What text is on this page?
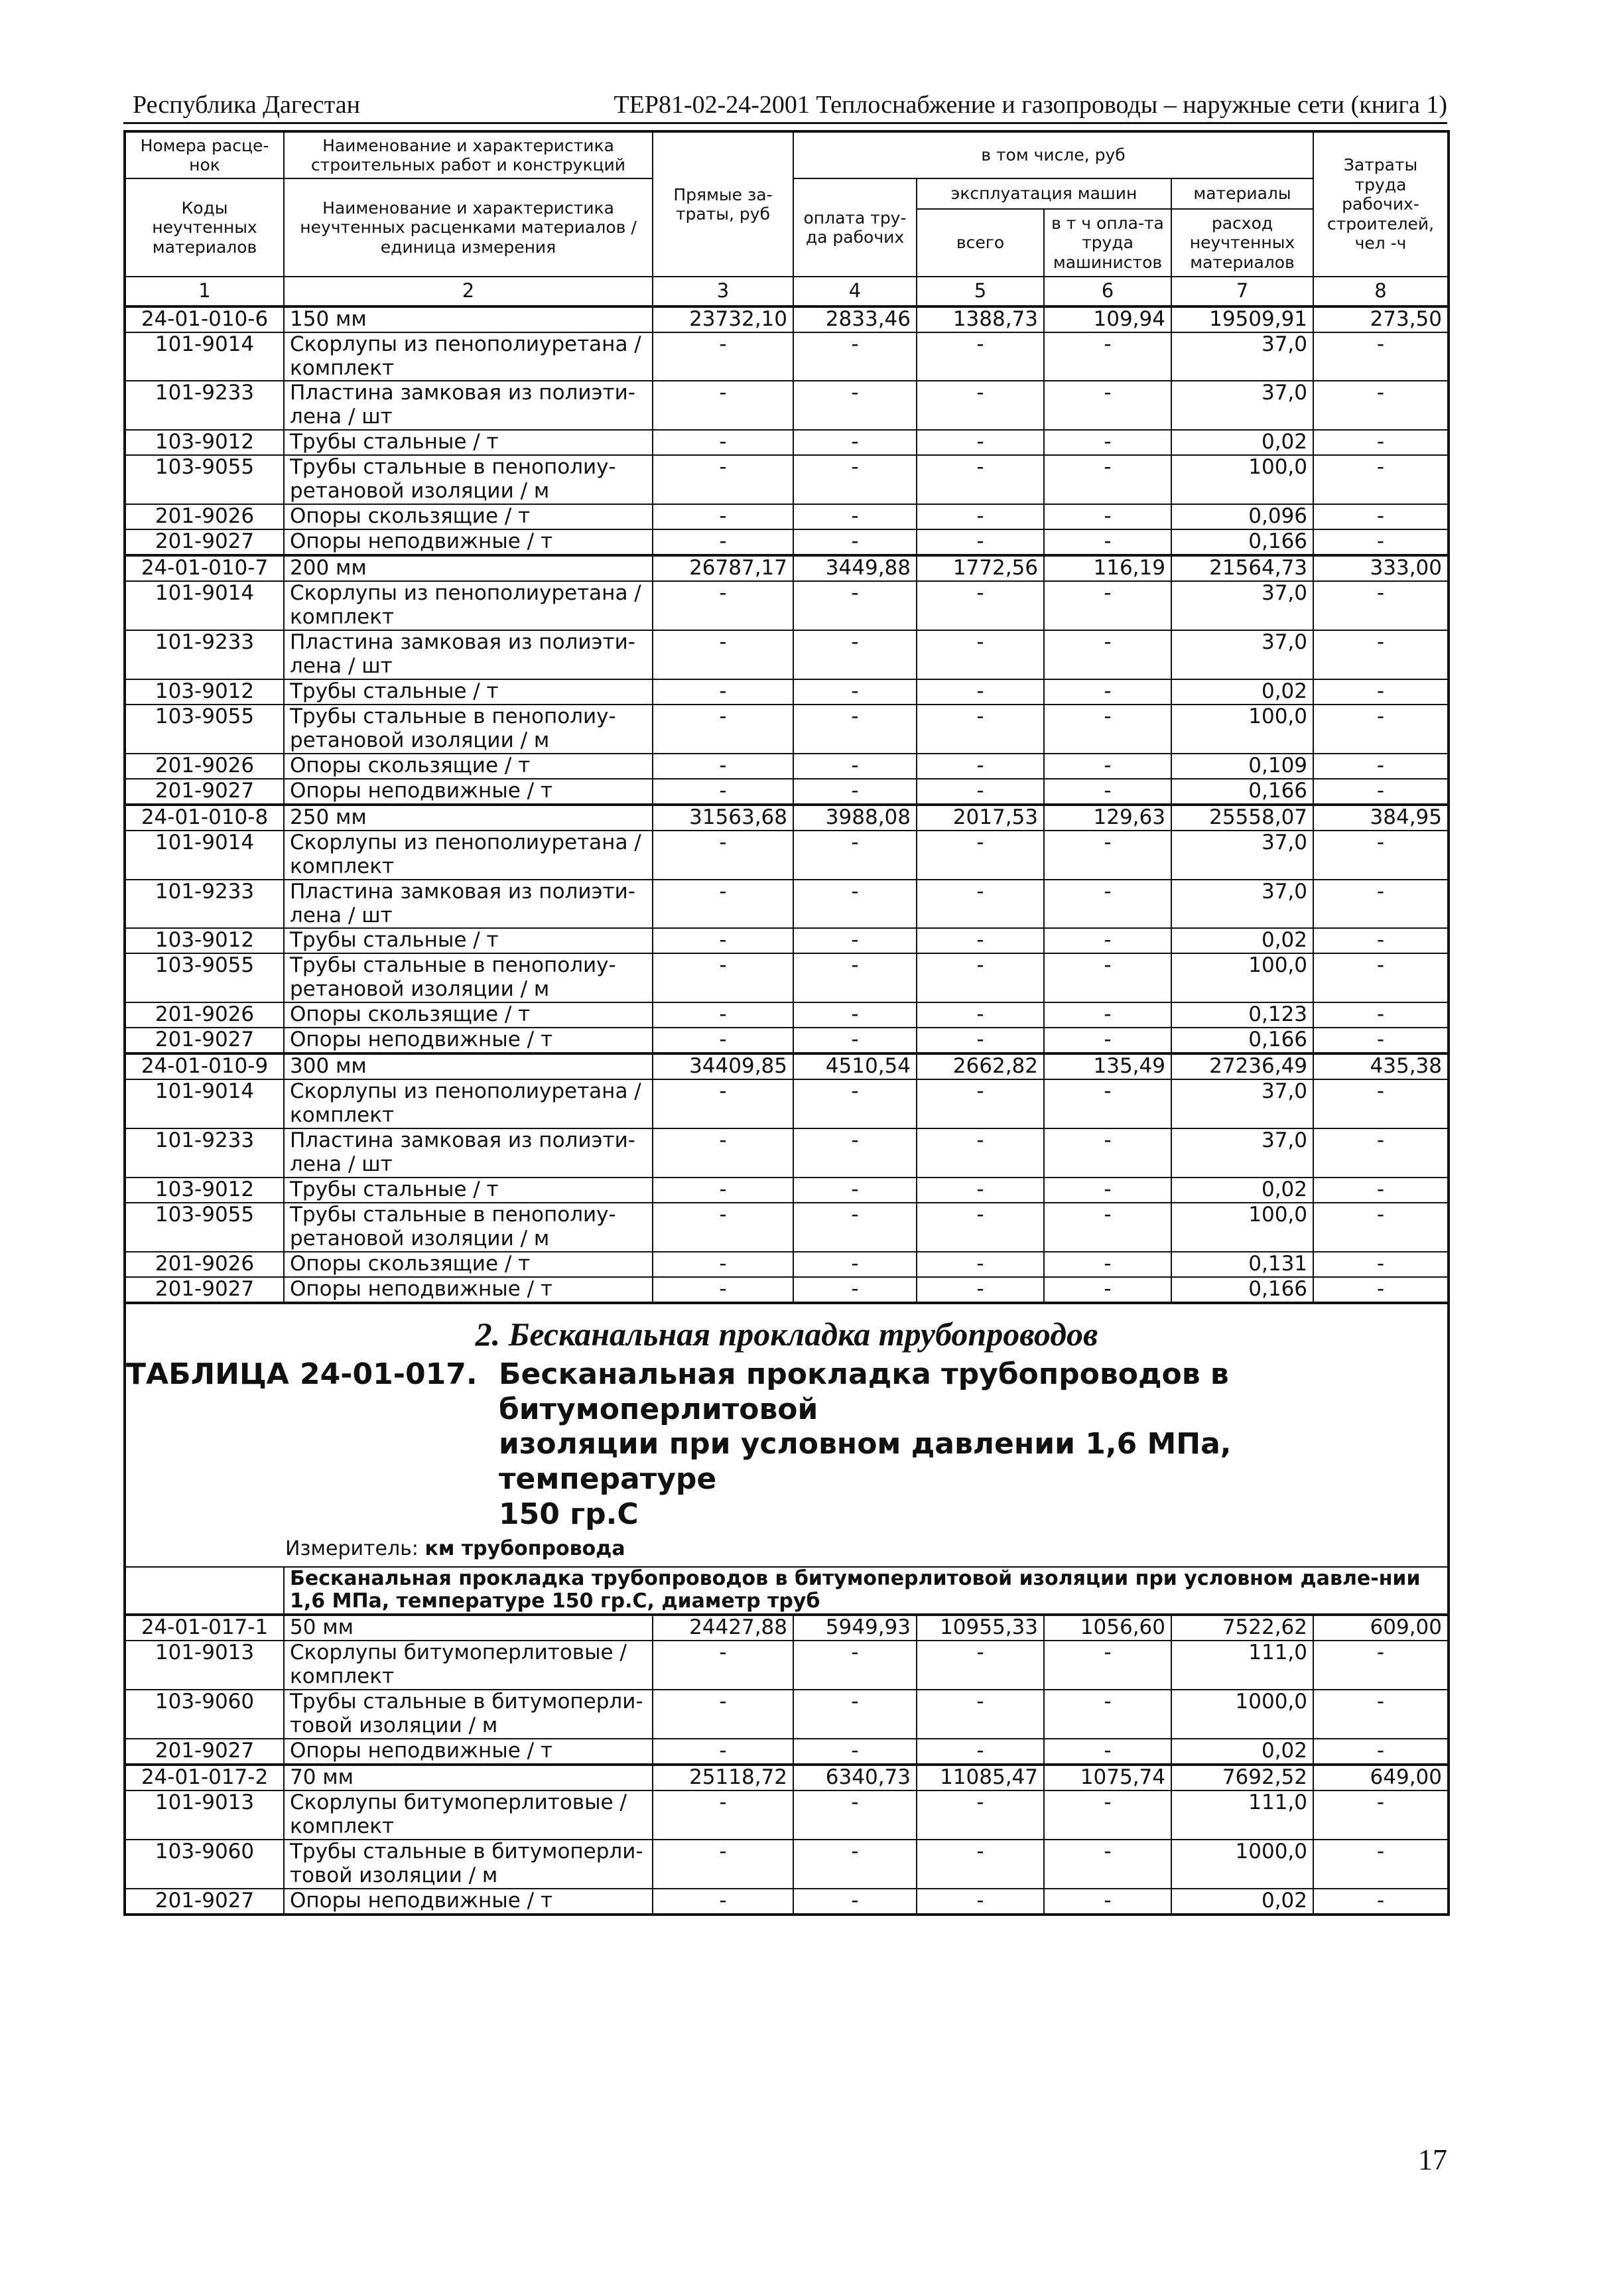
Республика Дагестан	ТЕР81-02-24-2001 Теплоснабжение и газопроводы – наружные сети (книга 1)
Номера расце-нок	Наименование и характеристика строительных работ и конструкций	Прямые за-траты, руб	в том числе, руб				Затраты труда рабочих-строителей, чел -ч
Коды неучтенных материалов	Наименование и характеристика неучтенных расценками материалов / единица измерения		оплата тру-да рабочих	эксплуатация машин		материалы	
				всего	в т ч опла-та труда машинистов	расход неучтенных материалов	
1	2	3	4	5	6	7	8
24-01-010-6	150 мм	23732,10	2833,46	1388,73	109,94	19509,91	273,50
101-9014	Скорлупы из пенополиуретана / комплект	-	-	-	-	37,0	-
101-9233	Пластина замковая из полиэти-лена / шт	-	-	-	-	37,0	-
103-9012	Трубы стальные / т	-	-	-	-	0,02	-
103-9055	Трубы стальные в пенополиу-ретановой изоляции / м	-	-	-	-	100,0	-
201-9026	Опоры скользящие / т	-	-	-	-	0,096	-
201-9027	Опоры неподвижные / т	-	-	-	-	0,166	-
24-01-010-7	200 мм	26787,17	3449,88	1772,56	116,19	21564,73	333,00
101-9014	Скорлупы из пенополиуретана / комплект	-	-	-	-	37,0	-
101-9233	Пластина замковая из полиэти-лена / шт	-	-	-	-	37,0	-
103-9012	Трубы стальные / т	-	-	-	-	0,02	-
103-9055	Трубы стальные в пенополиу-ретановой изоляции / м	-	-	-	-	100,0	-
201-9026	Опоры скользящие / т	-	-	-	-	0,109	-
201-9027	Опоры неподвижные / т	-	-	-	-	0,166	-
24-01-010-8	250 мм	31563,68	3988,08	2017,53	129,63	25558,07	384,95
101-9014	Скорлупы из пенополиуретана / комплект	-	-	-	-	37,0	-
101-9233	Пластина замковая из полиэти-лена / шт	-	-	-	-	37,0	-
103-9012	Трубы стальные / т	-	-	-	-	0,02	-
103-9055	Трубы стальные в пенополиу-ретановой изоляции / м	-	-	-	-	100,0	-
201-9026	Опоры скользящие / т	-	-	-	-	0,123	-
201-9027	Опоры неподвижные / т	-	-	-	-	0,166	-
24-01-010-9	300 мм	34409,85	4510,54	2662,82	135,49	27236,49	435,38
101-9014	Скорлупы из пенополиуретана / комплект	-	-	-	-	37,0	-
101-9233	Пластина замковая из полиэти-лена / шт	-	-	-	-	37,0	-
103-9012	Трубы стальные / т	-	-	-	-	0,02	-
103-9055	Трубы стальные в пенополиу-ретановой изоляции / м	-	-	-	-	100,0	-
201-9026	Опоры скользящие / т	-	-	-	-	0,131	-
201-9027	Опоры неподвижные / т	-	-	-	-	0,166	-

2. Бесканальная прокладка трубопроводов
ТАБЛИЦА 24-01-017. Бесканальная прокладка трубопроводов в битумоперлитовой
изоляции при условном давлении 1,6 МПа, температуре
150 гр.С
Измеритель: км трубопровода							

	Бесканальная прокладка трубопроводов в битумоперлитовой изоляции при условном давле-нии 1,6 МПа, температуре 150 гр.С, диаметр труб						
24-01-017-1	50 мм	24427,88	5949,93	10955,33	1056,60	7522,62	609,00
101-9013	Скорлупы битумоперлитовые / комплект	-	-	-	-	111,0	-
103-9060	Трубы стальные в битумоперли-товой изоляции / м	-	-	-	-	1000,0	-
201-9027	Опоры неподвижные / т	-	-	-	-	0,02	-
24-01-017-2	70 мм	25118,72	6340,73	11085,47	1075,74	7692,52	649,00
101-9013	Скорлупы битумоперлитовые / комплект	-	-	-	-	111,0	-
103-9060	Трубы стальные в битумоперли-товой изоляции / м	-	-	-	-	1000,0	-
201-9027	Опоры неподвижные / т	-	-	-	-	0,02	-
17
